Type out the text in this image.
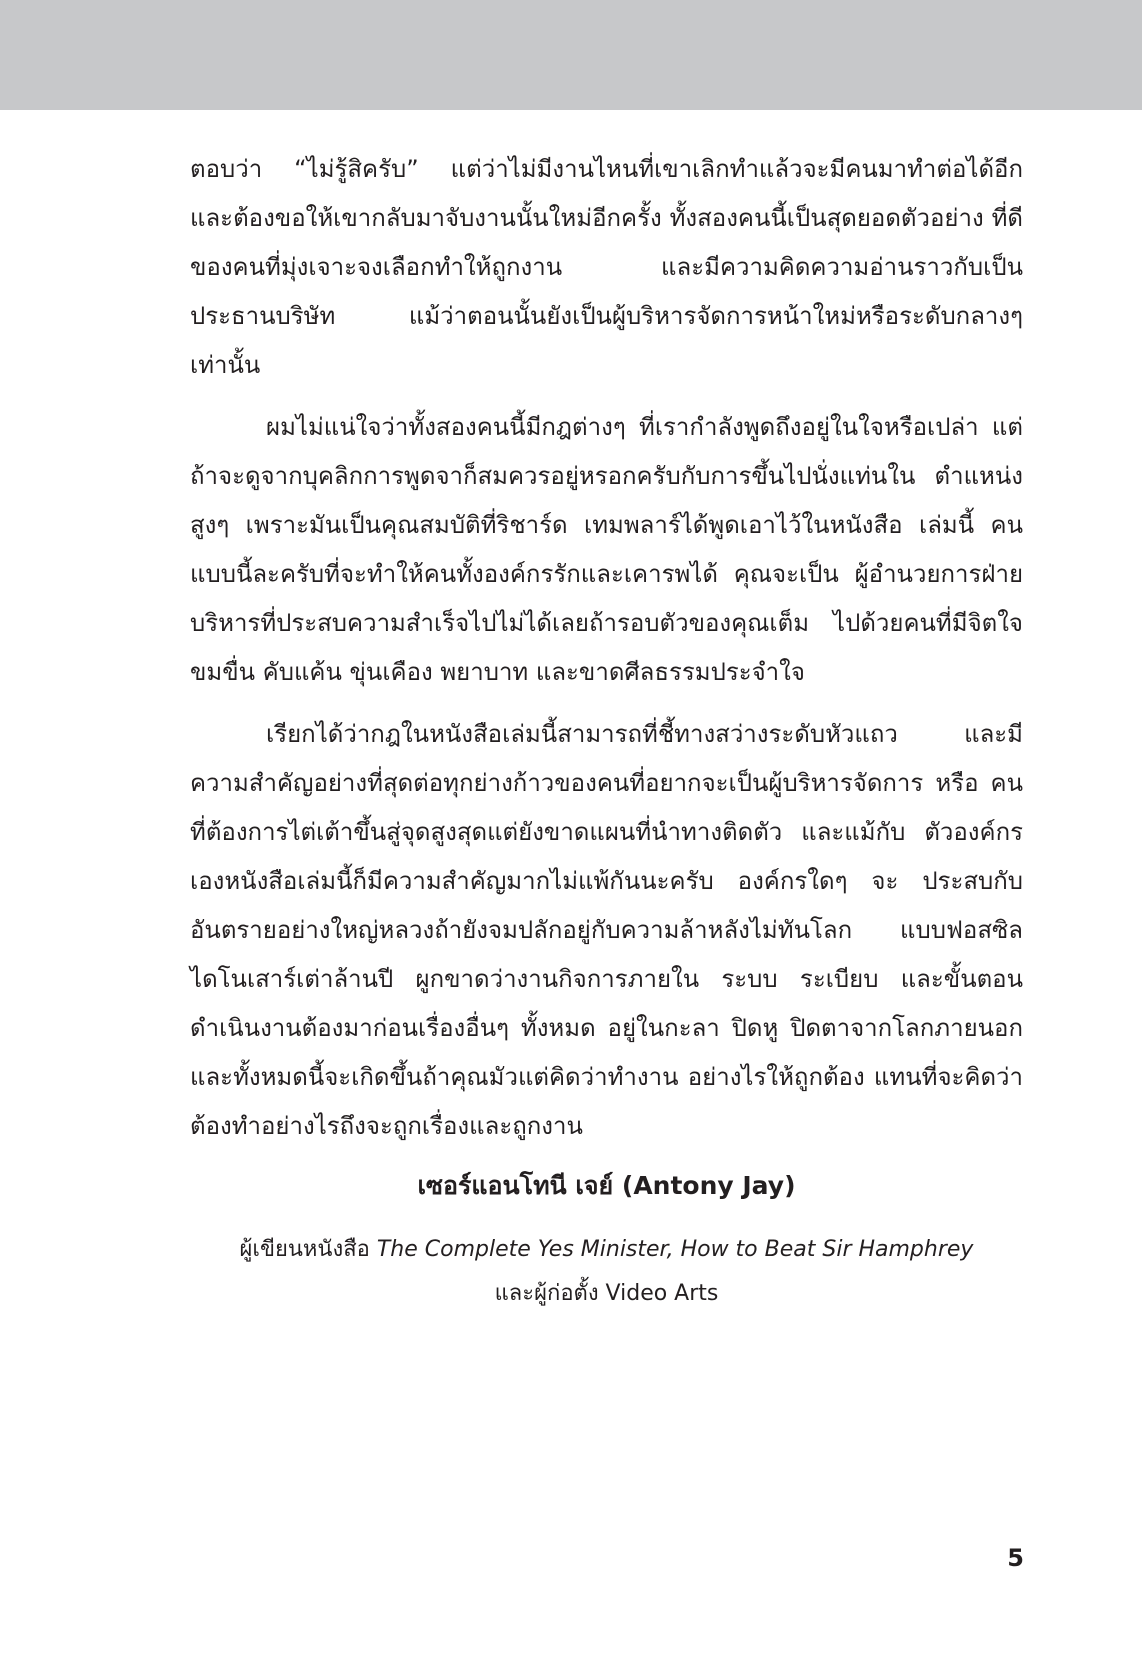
ตอบว่า “ไม่รู้สิครับ” แต่ว่าไม่มีงานไหนที่เขาเลิกทำแล้วจะมีคนมาทำต่อได้อีก และต้องขอให้เขากลับมาจับงานนั้นใหม่อีกครั้ง ทั้งสองคนนี้เป็นสุดยอดตัวอย่าง ที่ดีของคนที่มุ่งเจาะจงเลือกทำให้ถูกงาน และมีความคิดความอ่านราวกับเป็น ประธานบริษัท แม้ว่าตอนนั้นยังเป็นผู้บริหารจัดการหน้าใหม่หรือระดับกลางๆ เท่านั้น

ผมไม่แน่ใจว่าทั้งสองคนนี้มีกฎต่างๆ ที่เรากำลังพูดถึงอยู่ในใจหรือเปล่า แต่ถ้าจะดูจากบุคลิกการพูดจาก็สมควรอยู่หรอกครับกับการขึ้นไปนั่งแท่นใน ตำแหน่งสูงๆ เพราะมันเป็นคุณสมบัติที่ริชาร์ด เทมพลาร์ได้พูดเอาไว้ในหนังสือ เล่มนี้ คนแบบนี้ละครับที่จะทำให้คนทั้งองค์กรรักและเคารพได้ คุณจะเป็น ผู้อำนวยการฝ่ายบริหารที่ประสบความสำเร็จไปไม่ได้เลยถ้ารอบตัวของคุณเต็ม ไปด้วยคนที่มีจิตใจขมขื่น คับแค้น ขุ่นเคือง พยาบาท และขาดศีลธรรมประจำใจ

เรียกได้ว่ากฎในหนังสือเล่มนี้สามารถที่ชี้ทางสว่างระดับหัวแถว และมี ความสำคัญอย่างที่สุดต่อทุกย่างก้าวของคนที่อยากจะเป็นผู้บริหารจัดการ หรือ คนที่ต้องการไต่เต้าขึ้นสู่จุดสูงสุดแต่ยังขาดแผนที่นำทางติดตัว และแม้กับ ตัวองค์กรเองหนังสือเล่มนี้ก็มีความสำคัญมากไม่แพ้กันนะครับ องค์กรใดๆ จะ ประสบกับอันตรายอย่างใหญ่หลวงถ้ายังจมปลักอยู่กับความล้าหลังไม่ทันโลก แบบฟอสซิลไดโนเสาร์เต่าล้านปี ผูกขาดว่างานกิจการภายใน ระบบ ระเบียบ และขั้นตอนดำเนินงานต้องมาก่อนเรื่องอื่นๆ ทั้งหมด อยู่ในกะลา ปิดหู ปิดตาจากโลกภายนอก และทั้งหมดนี้จะเกิดขึ้นถ้าคุณมัวแต่คิดว่าทำงาน อย่างไรให้ถูกต้อง แทนที่จะคิดว่าต้องทำอย่างไรถึงจะถูกเรื่องและถูกงาน

เซอร์แอนโทนี เจย์ (Antony Jay)
ผู้เขียนหนังสือ The Complete Yes Minister, How to Beat Sir Hamphrey
และผู้ก่อตั้ง Video Arts
5
